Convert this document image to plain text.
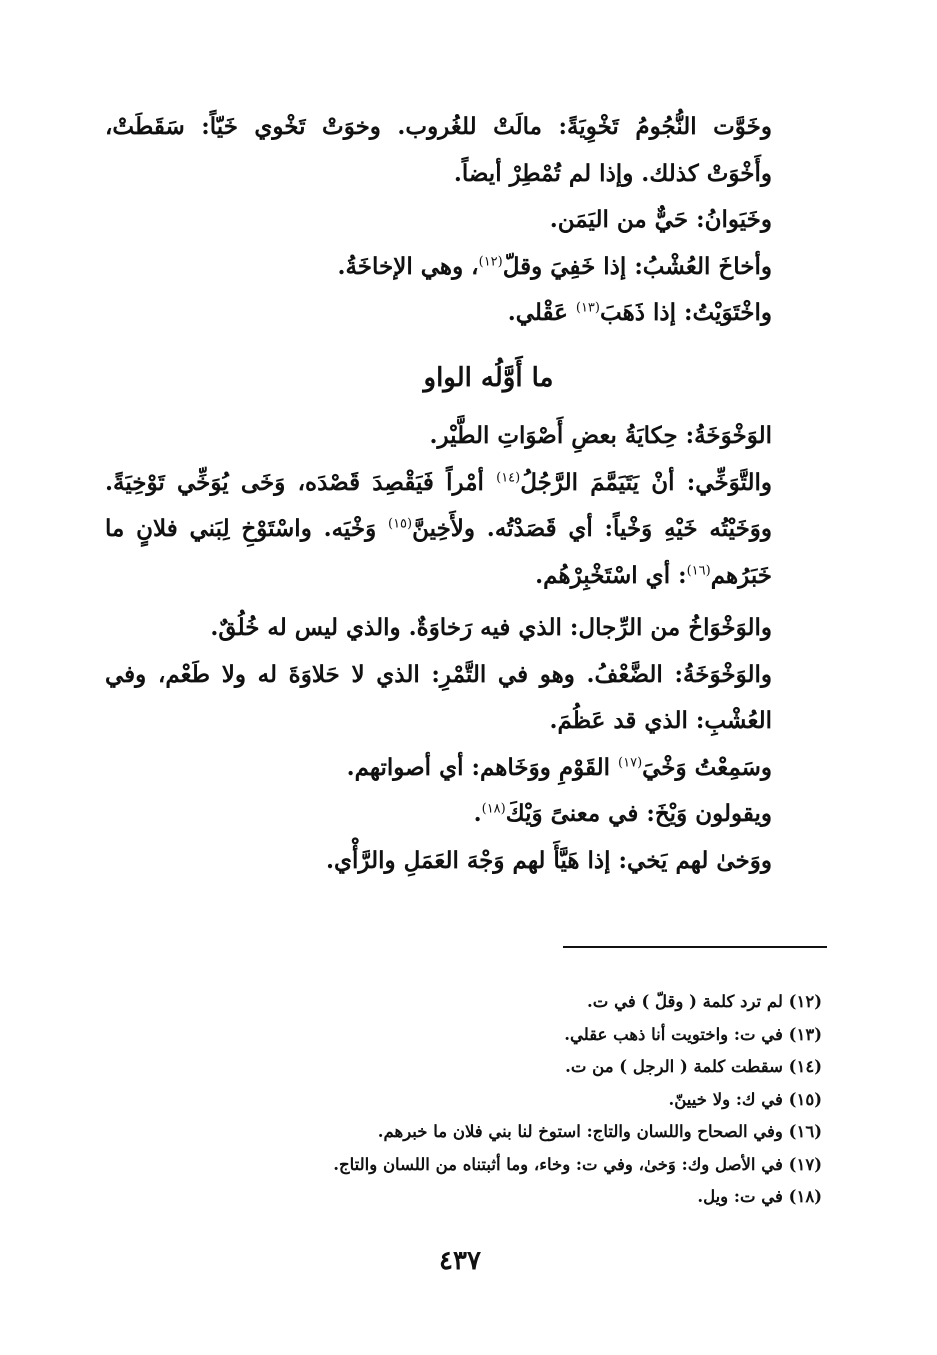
وخَوَّت النُّجُومُ تَخْوِيَةً: مالَتْ للغُروب. وخوَتْ تَخْوي خَيّاً: سَقَطَتْ، وأَخْوَتْ كذلك. وإذا لم تُمْطِرْ أيضاً.

وخَيَوانُ: حَيٌّ من اليَمَن.

وأخاخَ العُشْبُ: إذا خَفِيَ وقلّ$^{(١٢)}$، وهي الإخاخَةُ.

واخْتَوَيْتُ: إذا ذَهَبَ$^{(١٣)}$ عَقْلي.

ما أَوَّلُه الواو

الوَخْوَخَةُ: حِكايَةُ بعضِ أَصْوَاتِ الطَّيْر.

والتَّوَخِّي: أنْ يَتَيَمَّمَ الرَّجُلُ$^{(١٤)}$ أمْراً فَيَقْصِدَ قَصْدَه، وَخَى يُوَخِّي تَوْخِيَةً. ووَخَيْتُه خَيْهِ وَخْياً: أي قَصَدْتُه. ولأَخِينَّ$^{(١٥)}$ وَخْيَه. واسْتَوْخِ لِبَني فلانٍ ما خَبَرُهم$^{(١٦)}$: أي اسْتَخْبِرْهُم.

والوَخْوَاخُ من الرِّجال: الذي فيه رَخاوَةٌ. والذي ليس له خُلُقٌ.

والوَخْوَخَةُ: الضَّعْفُ. وهو في التَّمْرِ: الذي لا حَلاوَةَ له ولا طَعْم، وفي العُشْبِ: الذي قد عَظُمَ.

وسَمِعْتُ وَخْيَ$^{(١٧)}$ القَوْمِ ووَخَاهم: أي أصواتهم.

ويقولون وَيْخَ: في معنىً وَيْكَ$^{(١٨)}$.

ووَخىٰ لهم يَخي: إذا هَيَّأَ لهم وَجْهَ العَمَلِ والرَّأْي.

(١٢) لم ترد كلمة ( وقلّ ) في ت.

(١٣) في ت: واختويت أنا ذهب عقلي.

(١٤) سقطت كلمة ( الرجل ) من ت.

(١٥) في ك: ولا خيينّ.

(١٦) وفي الصحاح واللسان والتاج: استوخ لنا بني فلان ما خبرهم.

(١٧) في الأصل وك: وَخىٰ، وفي ت: وخاء، وما أثبتناه من اللسان والتاج.

(١٨) في ت: ويل.

٤٣٧
